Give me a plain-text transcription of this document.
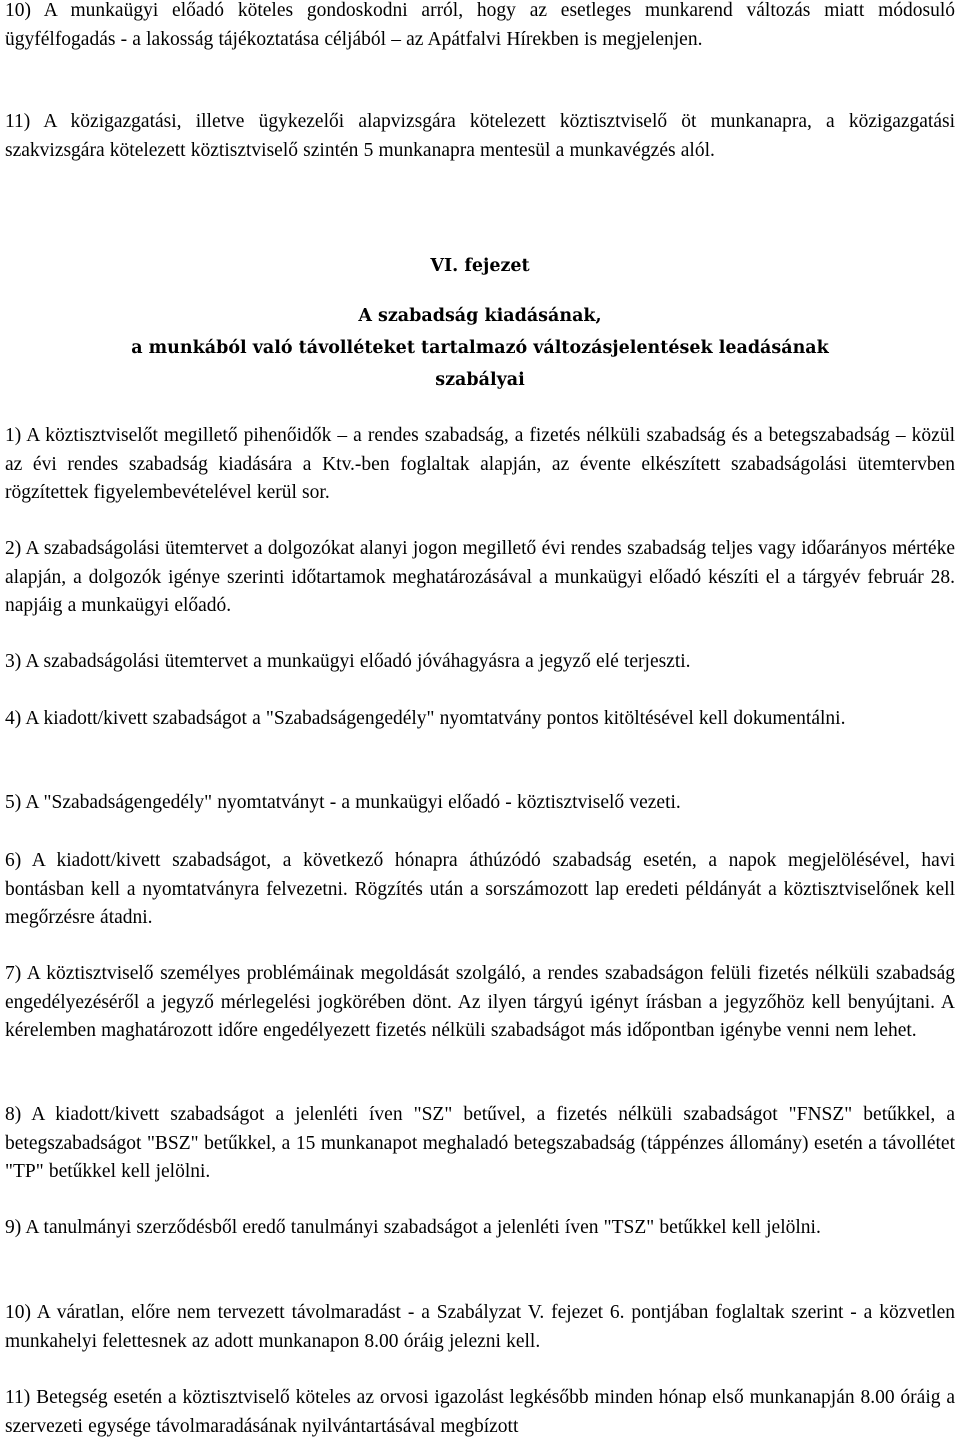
10) A munkaügyi előadó köteles gondoskodni arról, hogy az esetleges munkarend változás miatt módosuló ügyfélfogadás - a lakosság tájékoztatása céljából – az Apátfalvi Hírekben is megjelenjen.

11) A közigazgatási, illetve ügykezelői alapvizsgára kötelezett köztisztviselő öt munkanapra, a közigazgatási szakvizsgára kötelezett köztisztviselő szintén 5 munkanapra mentesül a munkavégzés alól.

VI. fejezet
A szabadság kiadásának,
a munkából való távolléteket tartalmazó változásjelentések leadásának
szabályai

1) A köztisztviselőt megillető pihenőidők – a rendes szabadság, a fizetés nélküli szabadság és a betegszabadság – közül az évi rendes szabadság kiadására a Ktv.-ben foglaltak alapján, az évente elkészített szabadságolási ütemtervben rögzítettek figyelembevételével kerül sor.

2) A szabadságolási ütemtervet a dolgozókat alanyi jogon megillető évi rendes szabadság teljes vagy időarányos mértéke alapján, a dolgozók igénye szerinti időtartamok meghatározásával a munkaügyi előadó készíti el a tárgyév február 28. napjáig a munkaügyi előadó.

3) A szabadságolási ütemtervet a munkaügyi előadó jóváhagyásra a jegyző elé terjeszti.

4) A kiadott/kivett szabadságot a "Szabadságengedély" nyomtatvány pontos kitöltésével kell dokumentálni.

5) A "Szabadságengedély" nyomtatványt - a munkaügyi előadó - köztisztviselő vezeti.

6) A kiadott/kivett szabadságot, a következő hónapra áthúzódó szabadság esetén, a napok megjelölésével, havi bontásban kell a nyomtatványra felvezetni. Rögzítés után a sorszámozott lap eredeti példányát a köztisztviselőnek kell megőrzésre átadni.

7) A köztisztviselő személyes problémáinak megoldását szolgáló, a rendes szabadságon felüli fizetés nélküli szabadság engedélyezéséről a jegyző mérlegelési jogkörében dönt. Az ilyen tárgyú igényt írásban a jegyzőhöz kell benyújtani. A kérelemben maghatározott időre engedélyezett fizetés nélküli szabadságot más időpontban igénybe venni nem lehet.

8) A kiadott/kivett szabadságot a jelenléti íven "SZ" betűvel, a fizetés nélküli szabadságot "FNSZ" betűkkel, a betegszabadságot "BSZ" betűkkel, a 15 munkanapot meghaladó betegszabadság (táppénzes állomány) esetén a távollétet "TP" betűkkel kell jelölni.

9) A tanulmányi szerződésből eredő tanulmányi szabadságot a jelenléti íven "TSZ" betűkkel kell jelölni.

10) A váratlan, előre nem tervezett távolmaradást - a Szabályzat V. fejezet 6. pontjában foglaltak szerint - a közvetlen munkahelyi felettesnek az adott munkanapon 8.00 óráig jelezni kell.

11) Betegség esetén a köztisztviselő köteles az orvosi igazolást legkésőbb minden hónap első munkanapján 8.00 óráig a szervezeti egysége távolmaradásának nyilvántartásával megbízott
